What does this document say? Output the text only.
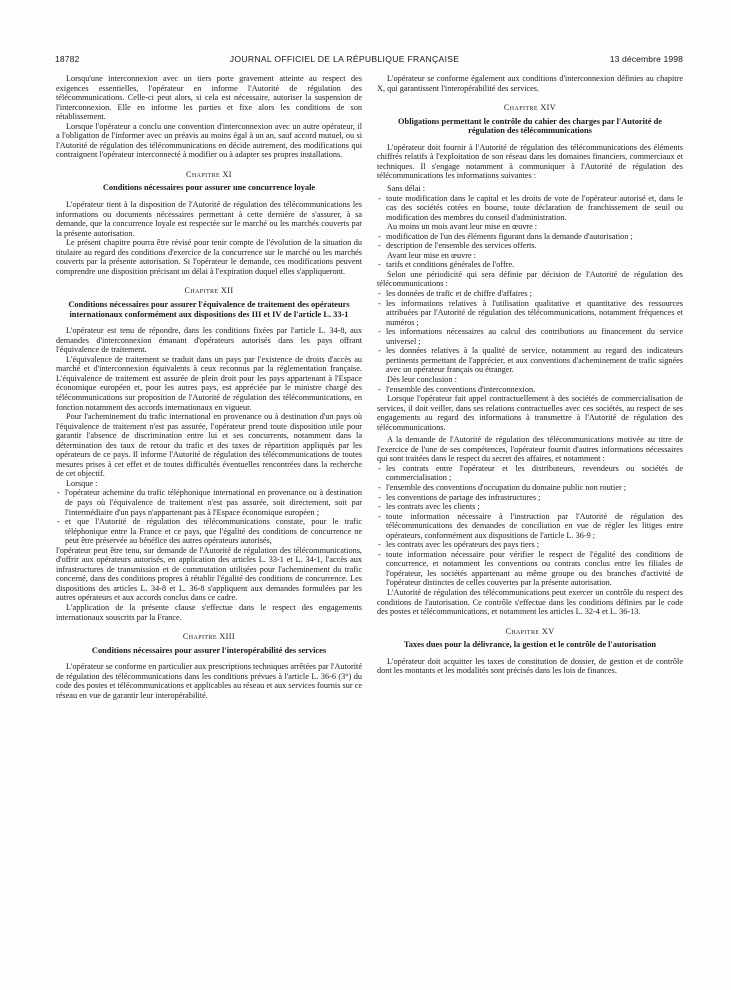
18782	JOURNAL OFFICIEL DE LA RÉPUBLIQUE FRANÇAISE	13 décembre 1998

Lorsqu'une interconnexion avec un tiers porte gravement atteinte au respect des exigences essentielles, l'opérateur en informe l'Autorité de régulation des télécommunications. Celle-ci peut alors, si cela est nécessaire, autoriser la suspension de l'interconnexion. Elle en informe les parties et fixe alors les conditions de son rétablissement.

Lorsque l'opérateur a conclu une convention d'interconnexion avec un autre opérateur, il a l'obligation de l'informer avec un préavis au moins égal à un an, sauf accord mutuel, ou si l'Autorité de régulation des télécommunications en décide autrement, des modifications qui contraignent l'opérateur interconnecté à modifier ou à adapter ses propres installations.

Chapitre XI
Conditions nécessaires pour assurer une concurrence loyale

L'opérateur tient à la disposition de l'Autorité de régulation des télécommunications les informations ou documents nécessaires permettant à cette dernière de s'assurer, à sa demande, que la concurrence loyale est respectée sur le marché ou les marchés couverts par la présente autorisation.

Le présent chapitre pourra être révisé pour tenir compte de l'évolution de la situation du titulaire au regard des conditions d'exercice de la concurrence sur le marché ou les marchés couverts par la présente autorisation. Si l'opérateur le demande, ces modifications peuvent comprendre une disposition précisant un délai à l'expiration duquel elles s'appliqueront.

Chapitre XII
Conditions nécessaires pour assurer l'équivalence de traitement des opérateurs internationaux conformément aux dispositions des III et IV de l'article L. 33-1

L'opérateur est tenu de répondre, dans les conditions fixées par l'article L. 34-8, aux demandes d'interconnexion émanant d'opérateurs autorisés dans les pays offrant l'équivalence de traitement.

L'équivalence de traitement se traduit dans un pays par l'existence de droits d'accès au marché et d'interconnexion équivalents à ceux reconnus par la réglementation française. L'équivalence de traitement est assurée de plein droit pour les pays appartenant à l'Espace économique européen et, pour les autres pays, est appréciée par le ministre chargé des télécommunications sur proposition de l'Autorité de régulation des télécommunications, en fonction notamment des accords internationaux en vigueur.

Pour l'acheminement du trafic international en provenance ou à destination d'un pays où l'équivalence de traitement n'est pas assurée, l'opérateur prend toute disposition utile pour garantir l'absence de discrimination entre lui et ses concurrents, notamment dans la détermination des taux de retour du trafic et des taxes de répartition appliqués par les opérateurs de ce pays. Il informe l'Autorité de régulation des télécommunications de toutes mesures prises à cet effet et de toutes difficultés éventuelles rencontrées dans la recherche de cet objectif.

Lorsque :

- l'opérateur achemine du trafic téléphonique international en provenance ou à destination de pays où l'équivalence de traitement n'est pas assurée, soit directement, soit par l'intermédiaire d'un pays n'appartenant pas à l'Espace économique européen ;
- et que l'Autorité de régulation des télécommunications constate, pour le trafic téléphonique entre la France et ce pays, que l'égalité des conditions de concurrence ne peut être préservée au bénéfice des autres opérateurs autorisés,

l'opérateur peut être tenu, sur demande de l'Autorité de régulation des télécommunications, d'offrir aux opérateurs autorisés, en application des articles L. 33-1 et L. 34-1, l'accès aux infrastructures de transmission et de commutation utilisées pour l'acheminement du trafic concerné, dans des conditions propres à rétablir l'égalité des conditions de concurrence. Les dispositions des articles L. 34-8 et L. 36-8 s'appliquent aux demandes formulées par les autres opérateurs et aux accords conclus dans ce cadre.

L'application de la présente clause s'effectue dans le respect des engagements internationaux souscrits par la France.

Chapitre XIII
Conditions nécessaires pour assurer l'interopérabilité des services

L'opérateur se conforme en particulier aux prescriptions techniques arrêtées par l'Autorité de régulation des télécommunications dans les conditions prévues à l'article L. 36-6 (3°) du code des postes et télécommunications et applicables au réseau et aux services fournis sur ce réseau en vue de garantir leur interopérabilité.

L'opérateur se conforme également aux conditions d'interconnexion définies au chapitre X, qui garantissent l'interopérabilité des services.

Chapitre XIV
Obligations permettant le contrôle du cahier des charges par l'Autorité de régulation des télécommunications

L'opérateur doit fournir à l'Autorité de régulation des télécommunications des éléments chiffrés relatifs à l'exploitation de son réseau dans les domaines financiers, commerciaux et techniques. Il s'engage notamment à communiquer à l'Autorité de régulation des télécommunications les informations suivantes :

Sans délai :

- toute modification dans le capital et les droits de vote de l'opérateur autorisé et, dans le cas des sociétés cotées en bourse, toute déclaration de franchissement de seuil ou modification des membres du conseil d'administration.

Au moins un mois avant leur mise en œuvre :

- modification de l'un des éléments figurant dans la demande d'autorisation ;
- description de l'ensemble des services offerts.

Avant leur mise en œuvre :

- tarifs et conditions générales de l'offre.

Selon une périodicité qui sera définie par décision de l'Autorité de régulation des télécommunications :

- les données de trafic et de chiffre d'affaires ;
- les informations relatives à l'utilisation qualitative et quantitative des ressources attribuées par l'Autorité de régulation des télécommunications, notamment fréquences et numéros ;
- les informations nécessaires au calcul des contributions au financement du service universel ;
- les données relatives à la qualité de service, notamment au regard des indicateurs pertinents permettant de l'apprécier, et aux conventions d'acheminement de trafic signées avec un opérateur français ou étranger.

Dès leur conclusion :

- l'ensemble des conventions d'interconnexion.

Lorsque l'opérateur fait appel contractuellement à des sociétés de commercialisation de services, il doit veiller, dans ses relations contractuelles avec ces sociétés, au respect de ses engagements au regard des informations à transmettre à l'Autorité de régulation des télécommunications.

A la demande de l'Autorité de régulation des télécommunications motivée au titre de l'exercice de l'une de ses compétences, l'opérateur fournit d'autres informations nécessaires qui sont traitées dans le respect du secret des affaires, et notamment :

- les contrats entre l'opérateur et les distributeurs, revendeurs ou sociétés de commercialisation ;
- l'ensemble des conventions d'occupation du domaine public non routier ;
- les conventions de partage des infrastructures ;
- les contrats avec les clients ;
- toute information nécessaire à l'instruction par l'Autorité de régulation des télécommunications des demandes de conciliation en vue de régler les litiges entre opérateurs, conformément aux dispositions de l'article L. 36-9 ;
- les contrats avec les opérateurs des pays tiers ;
- toute information nécessaire pour vérifier le respect de l'égalité des conditions de concurrence, et notamment les conventions ou contrats conclus entre les filiales de l'opérateur, les sociétés appartenant au même groupe ou des branches d'activité de l'opérateur distinctes de celles couvertes par la présente autorisation.

L'Autorité de régulation des télécommunications peut exercer un contrôle du respect des conditions de l'autorisation. Ce contrôle s'effectue dans les conditions définies par le code des postes et télécommunications, et notamment les articles L. 32-4 et L. 36-13.

Chapitre XV
Taxes dues pour la délivrance, la gestion et le contrôle de l'autorisation

L'opérateur doit acquitter les taxes de constitution de dossier, de gestion et de contrôle dont les montants et les modalités sont précisés dans les lois de finances.
